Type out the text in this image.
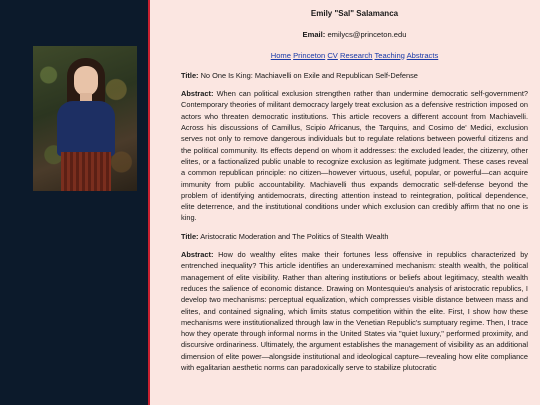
Emily "Sal" Salamanca
Email: emilycs@princeton.edu
Home Princeton CV Research Teaching Abstracts

Title: No One Is King: Machiavelli on Exile and Republican Self-Defense

Abstract: When can political exclusion strengthen rather than undermine democratic self-government? Contemporary theories of militant democracy largely treat exclusion as a defensive restriction imposed on actors who threaten democratic institutions. This article recovers a different account from Machiavelli. Across his discussions of Camillus, Scipio Africanus, the Tarquins, and Cosimo de' Medici, exclusion serves not only to remove dangerous individuals but to regulate relations between powerful citizens and the political community. Its effects depend on whom it addresses: the excluded leader, the citizenry, other elites, or a factionalized public unable to recognize exclusion as legitimate judgment. These cases reveal a common republican principle: no citizen—however virtuous, useful, popular, or powerful—can acquire immunity from public accountability. Machiavelli thus expands democratic self-defense beyond the problem of identifying antidemocrats, directing attention instead to reintegration, political dependence, elite deterrence, and the institutional conditions under which exclusion can credibly affirm that no one is king.

Title: Aristocratic Moderation and The Politics of Stealth Wealth

Abstract: How do wealthy elites make their fortunes less offensive in republics characterized by entrenched inequality? This article identifies an underexamined mechanism: stealth wealth, the political management of elite visibility. Rather than altering institutions or beliefs about legitimacy, stealth wealth reduces the salience of economic distance. Drawing on Montesquieu's analysis of aristocratic republics, I develop two mechanisms: perceptual equalization, which compresses visible distance between mass and elites, and contained signaling, which limits status competition within the elite. First, I show how these mechanisms were institutionalized through law in the Venetian Republic's sumptuary regime. Then, I trace how they operate through informal norms in the United States via "quiet luxury," performed proximity, and discursive ordinariness. Ultimately, the argument establishes the management of visibility as an additional dimension of elite power—alongside institutional and ideological capture—revealing how elite compliance with egalitarian aesthetic norms can paradoxically serve to stabilize plutocratic
